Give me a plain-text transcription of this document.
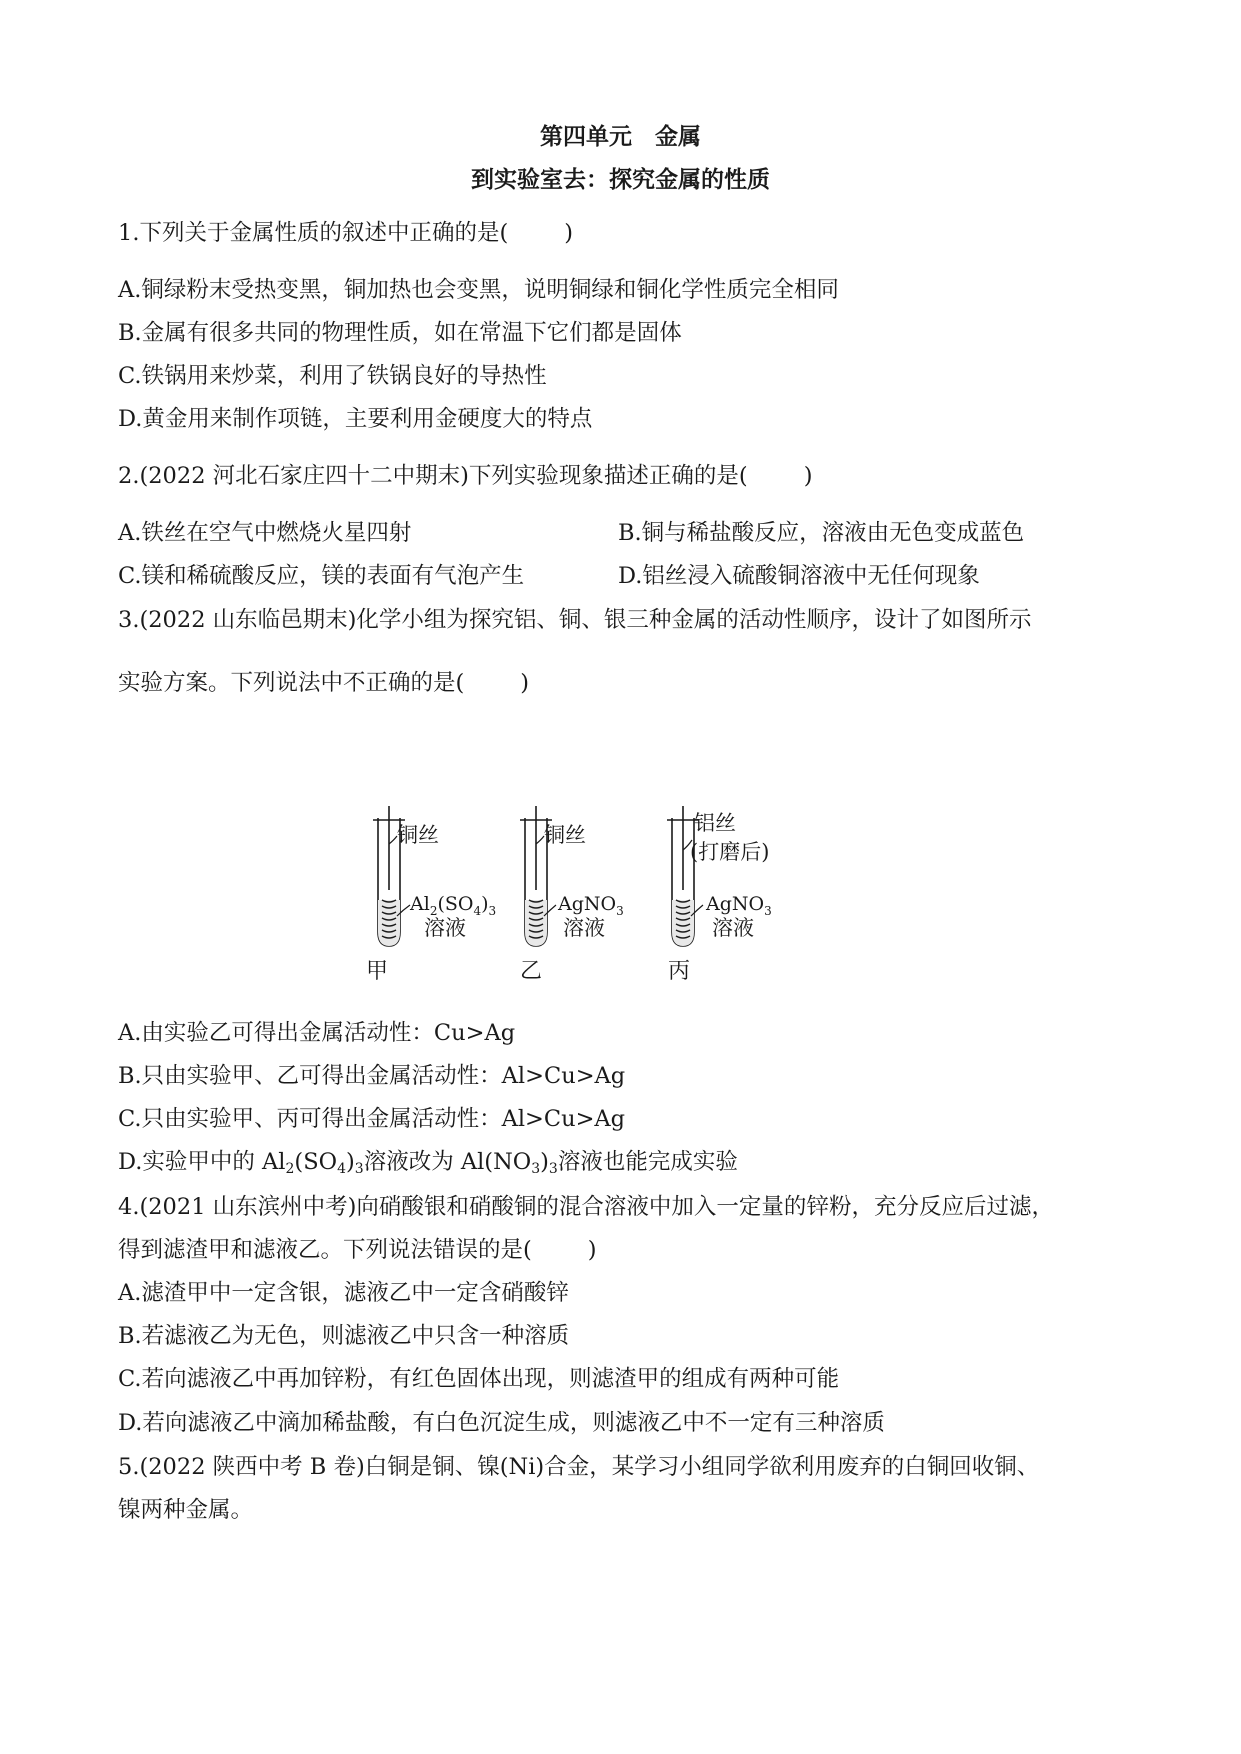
第四单元　金属
到实验室去：探究金属的性质
1.下列关于金属性质的叙述中正确的是( )
A.铜绿粉末受热变黑，铜加热也会变黑，说明铜绿和铜化学性质完全相同
B.金属有很多共同的物理性质，如在常温下它们都是固体
C.铁锅用来炒菜，利用了铁锅良好的导热性
D.黄金用来制作项链，主要利用金硬度大的特点
2.(2022 河北石家庄四十二中期末)下列实验现象描述正确的是( )
A.铁丝在空气中燃烧火星四射	B.铜与稀盐酸反应，溶液由无色变成蓝色
C.镁和稀硫酸反应，镁的表面有气泡产生	D.铝丝浸入硫酸铜溶液中无任何现象
3.(2022 山东临邑期末)化学小组为探究铝、铜、银三种金属的活动性顺序，设计了如图所示
实验方案。下列说法中不正确的是( )
铜丝
$Al_2(SO_4)_3$
溶液
甲
铜丝
AgNO$_3$
溶液
乙
铝丝
(打磨后)
AgNO$_3$
溶液
丙
A.由实验乙可得出金属活动性：Cu>Ag
B.只由实验甲、乙可得出金属活动性：Al>Cu>Ag
C.只由实验甲、丙可得出金属活动性：Al>Cu>Ag
D.实验甲中的 $Al_2(SO_4)_3$溶液改为 $Al(NO_3)_3$溶液也能完成实验
4.(2021 山东滨州中考)向硝酸银和硝酸铜的混合溶液中加入一定量的锌粉，充分反应后过滤，
得到滤渣甲和滤液乙。下列说法错误的是( )
A.滤渣甲中一定含银，滤液乙中一定含硝酸锌
B.若滤液乙为无色，则滤液乙中只含一种溶质
C.若向滤液乙中再加锌粉，有红色固体出现，则滤渣甲的组成有两种可能
D.若向滤液乙中滴加稀盐酸，有白色沉淀生成，则滤液乙中不一定有三种溶质
5.(2022 陕西中考 B 卷)白铜是铜、镍(Ni)合金，某学习小组同学欲利用废弃的白铜回收铜、
镍两种金属。
